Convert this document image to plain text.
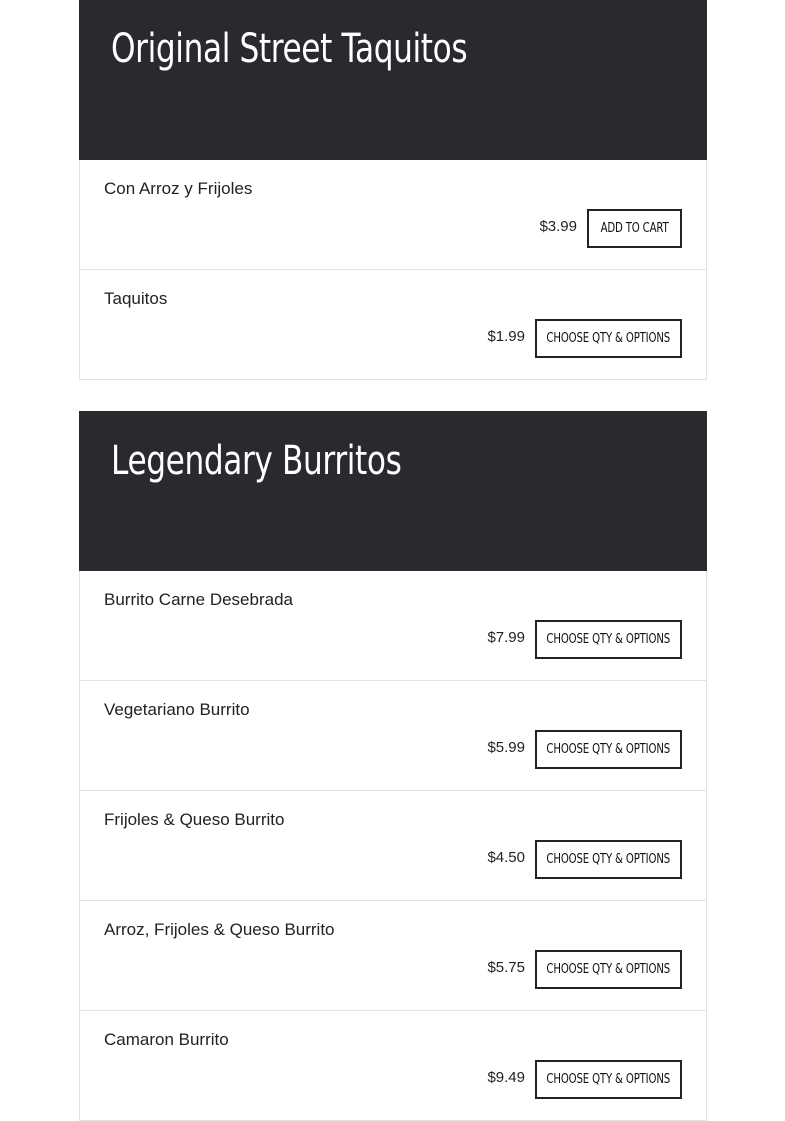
Original Street Taquitos
Con Arroz y Frijoles
$3.99 ADD TO CART
Taquitos
$1.99 CHOOSE QTY & OPTIONS
Legendary Burritos
Burrito Carne Desebrada
$7.99 CHOOSE QTY & OPTIONS
Vegetariano Burrito
$5.99 CHOOSE QTY & OPTIONS
Frijoles & Queso Burrito
$4.50 CHOOSE QTY & OPTIONS
Arroz, Frijoles & Queso Burrito
$5.75 CHOOSE QTY & OPTIONS
Camaron Burrito
$9.49 CHOOSE QTY & OPTIONS
